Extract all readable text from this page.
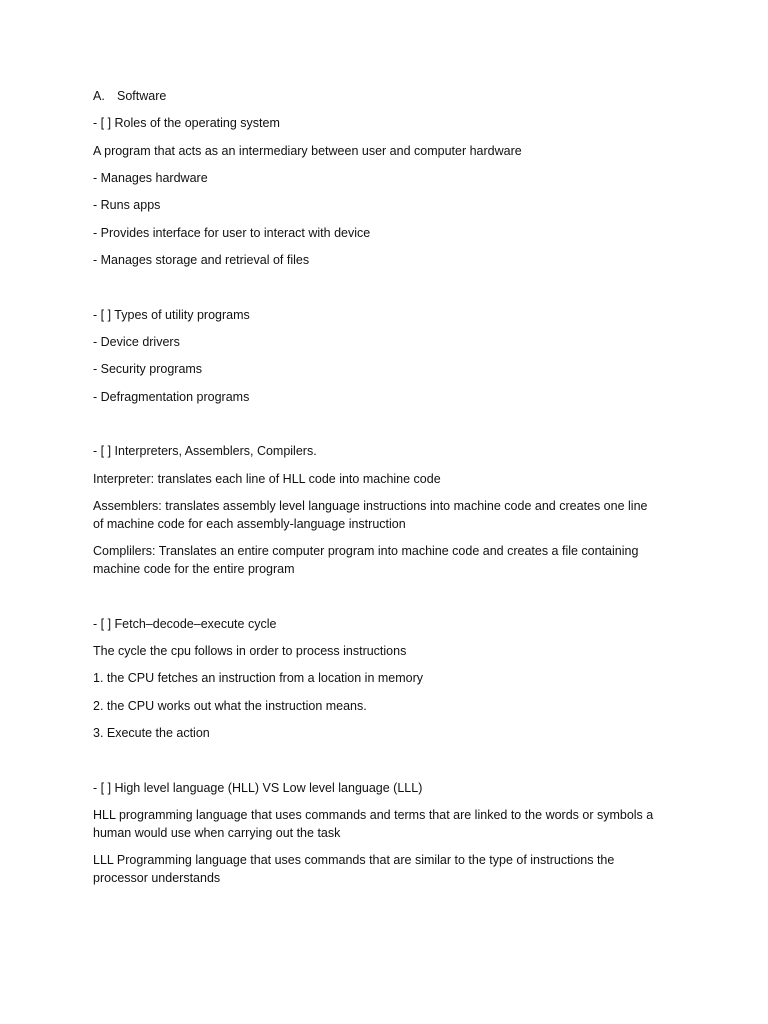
A. Software
- [ ] Roles of the operating system
A program that acts as an intermediary between user and computer hardware
- Manages hardware
- Runs apps
- Provides interface for user to interact with device
- Manages storage and retrieval of files
- [ ] Types of utility programs
- Device drivers
- Security programs
- Defragmentation programs
- [ ] Interpreters, Assemblers, Compilers.
Interpreter: translates each line of HLL code into machine code
Assemblers: translates assembly level language instructions into machine code and creates one line
of machine code for each assembly-language instruction
Complilers: Translates an entire computer program into machine code and creates a file containing
machine code for the entire program
- [ ] Fetch–decode–execute cycle
The cycle the cpu follows in order to process instructions
1. the CPU fetches an instruction from a location in memory
2. the CPU works out what the instruction means.
3. Execute the action
- [ ] High level language (HLL) VS Low level language (LLL)
HLL programming language that uses commands and terms that are linked to the words or symbols a
human would use when carrying out the task
LLL Programming language that uses commands that are similar to the type of instructions the
processor understands
